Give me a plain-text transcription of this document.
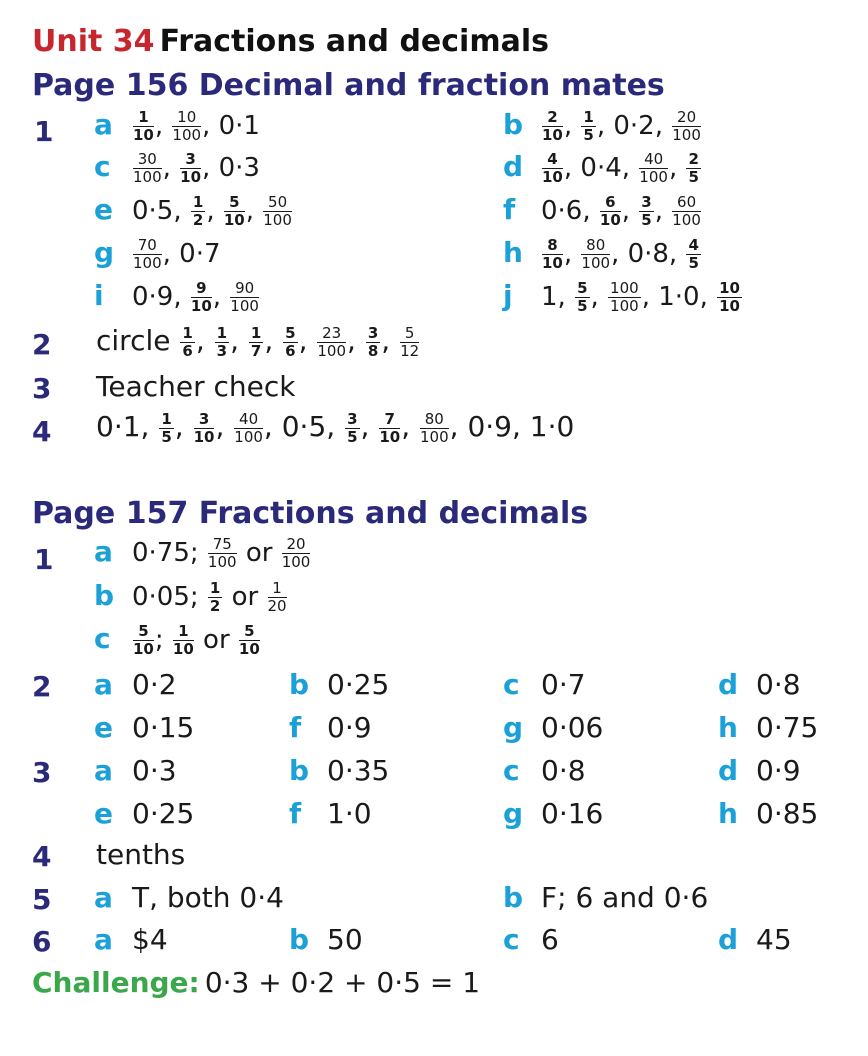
Unit 34 Fractions and decimals
Page 156 Decimal and fraction mates
1 a $\frac{1}{10}$ , $\frac{10}{100}$ , 0·1	b $\frac{2}{10}$ , $\frac{1}{5}$ , 0·2, $\frac{20}{100}$
c $\frac{30}{100}$ , $\frac{3}{10}$ , 0·3	d $\frac{4}{10}$ , 0·4, $\frac{40}{100}$ , $\frac{2}{5}$
e 0·5, $\frac{1}{2}$ , $\frac{5}{10}$ , $\frac{50}{100}$	f 0·6, $\frac{6}{10}$ , $\frac{3}{5}$ , $\frac{60}{100}$
g $\frac{70}{100}$ , 0·7	h $\frac{8}{10}$ , $\frac{80}{100}$ , 0·8, $\frac{4}{5}$
i 0·9, $\frac{9}{10}$ , $\frac{90}{100}$	j 1, $\frac{5}{5}$ , $\frac{100}{100}$ , 1·0, $\frac{10}{10}$
2 circle $\frac{1}{6}$ , $\frac{1}{3}$ , $\frac{1}{7}$ , $\frac{5}{6}$ , $\frac{23}{100}$ , $\frac{3}{8}$ , $\frac{5}{12}$
3 Teacher check
4 0·1, $\frac{1}{5}$ , $\frac{3}{10}$ , $\frac{40}{100}$ , 0·5, $\frac{3}{5}$ , $\frac{7}{10}$ , $\frac{80}{100}$ , 0·9, 1·0
Page 157 Fractions and decimals
1 a 0·75; $\frac{75}{100}$ or $\frac{20}{100}$
b 0·05; $\frac{1}{2}$ or $\frac{1}{20}$
c $\frac{5}{10}$ ; $\frac{1}{10}$ or $\frac{5}{10}$
2 a 0·2	b 0·25	c 0·7	d 0·8
e 0·15	f 0·9	g 0·06	h 0·75
3 a 0·3	b 0·35	c 0·8	d 0·9
e 0·25	f 1·0	g 0·16	h 0·85
4 tenths
5 a T, both 0·4	b F; 6 and 0·6
6 a $4	b 50	c 6	d 45
Challenge: 0·3 + 0·2 + 0·5 = 1
